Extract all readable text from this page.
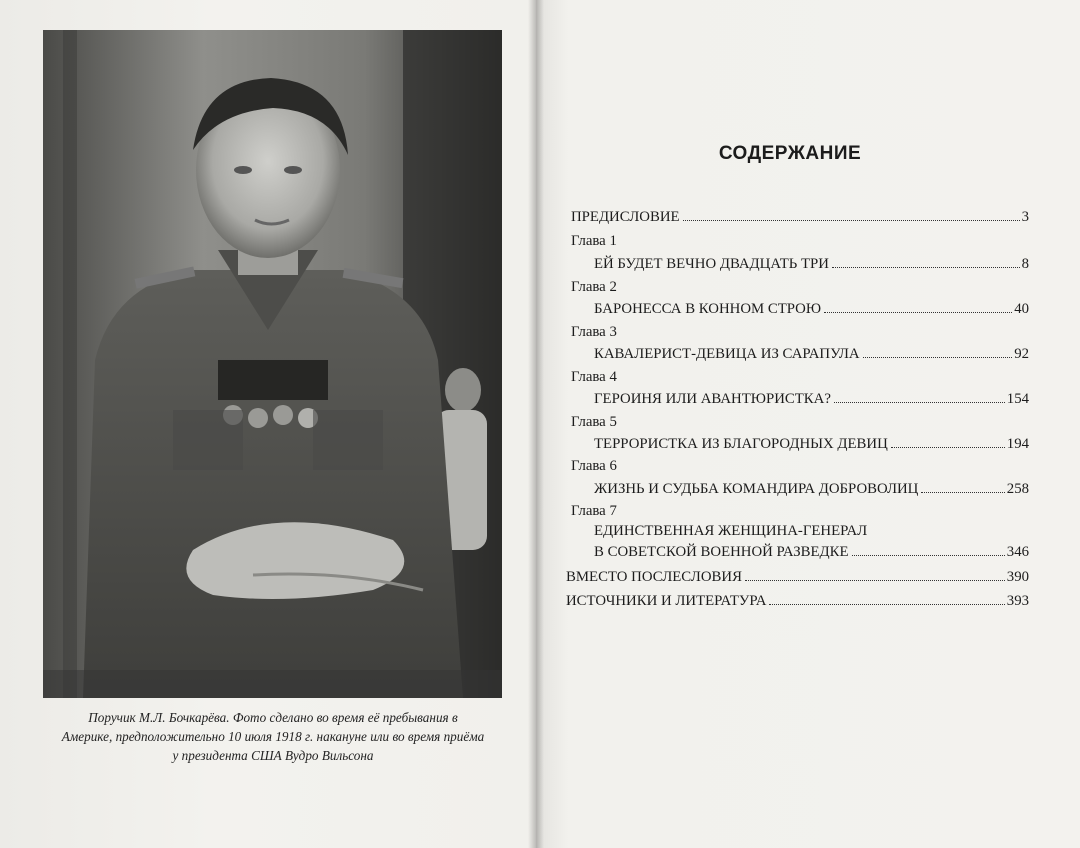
Поручик М.Л. Бочкарёва. Фото сделано во время её пребывания в
Америке, предположительно 10 июля 1918 г. накануне или во время приёма
у президента США Вудро Вильсона
СОДЕРЖАНИЕ
ПРЕДИСЛОВИЕ	3
Глава 1
ЕЙ БУДЕТ ВЕЧНО ДВАДЦАТЬ ТРИ	8
Глава 2
БАРОНЕССА В КОННОМ СТРОЮ	40
Глава 3
КАВАЛЕРИСТ-ДЕВИЦА ИЗ САРАПУЛА	92
Глава 4
ГЕРОИНЯ ИЛИ АВАНТЮРИСТКА?	154
Глава 5
ТЕРРОРИСТКА ИЗ БЛАГОРОДНЫХ ДЕВИЦ	194
Глава 6
ЖИЗНЬ И СУДЬБА КОМАНДИРА ДОБРОВОЛИЦ	258
Глава 7
ЕДИНСТВЕННАЯ ЖЕНЩИНА-ГЕНЕРАЛ
В СОВЕТСКОЙ ВОЕННОЙ РАЗВЕДКЕ	346
ВМЕСТО ПОСЛЕСЛОВИЯ	390
ИСТОЧНИКИ И ЛИТЕРАТУРА	393
